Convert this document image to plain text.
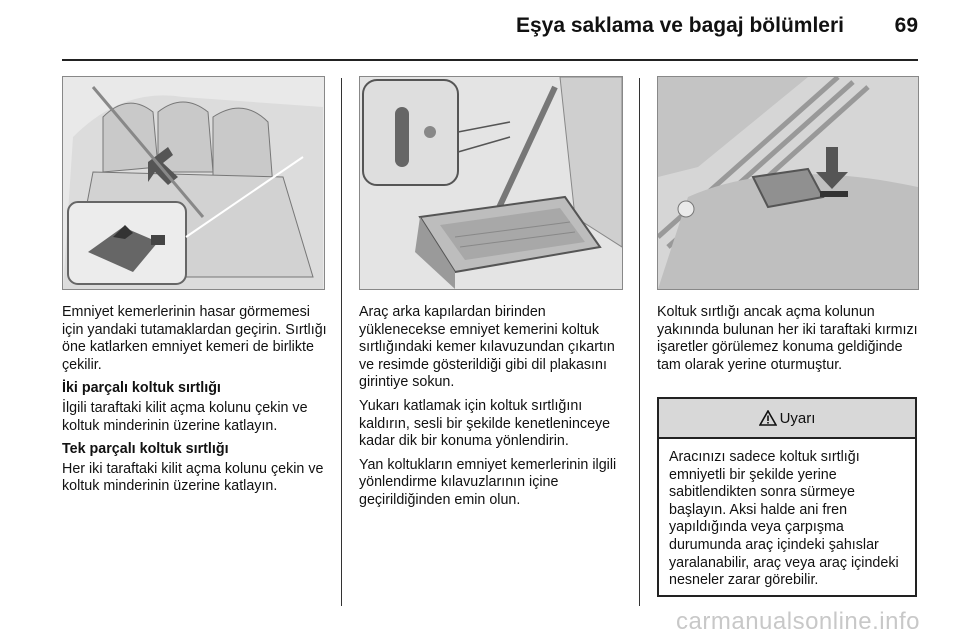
Eşya saklama ve bagaj bölümleri 69

Emniyet kemerlerinin hasar görmemesi için yandaki tutamaklardan geçirin. Sırtlığı öne katlarken emniyet kemeri de birlikte çekilir.

İki parçalı koltuk sırtlığı

İlgili taraftaki kilit açma kolunu çekin ve koltuk minderinin üzerine katlayın.

Tek parçalı koltuk sırtlığı

Her iki taraftaki kilit açma kolunu çekin ve koltuk minderinin üzerine katlayın.

Araç arka kapılardan birinden yüklenecekse emniyet kemerini koltuk sırtlığındaki kemer kılavuzundan çıkartın ve resimde gösterildiği gibi dil plakasını girintiye sokun.

Yukarı katlamak için koltuk sırtlığını kaldırın, sesli bir şekilde kenetleninceye kadar dik bir konuma yönlendirin.

Yan koltukların emniyet kemerlerinin ilgili yönlendirme kılavuzlarının içine geçirildiğinden emin olun.

Koltuk sırtlığı ancak açma kolunun yakınında bulunan her iki taraftaki kırmızı işaretler görülemez konuma geldiğinde tam olarak yerine oturmuştur.

Uyarı
Aracınızı sadece koltuk sırtlığı emniyetli bir şekilde yerine sabitlendikten sonra sürmeye başlayın. Aksi halde ani fren yapıldığında veya çarpışma durumunda araç içindeki şahıslar yaralanabilir, araç veya araç içindeki nesneler zarar görebilir.
carmanualsonline.info
